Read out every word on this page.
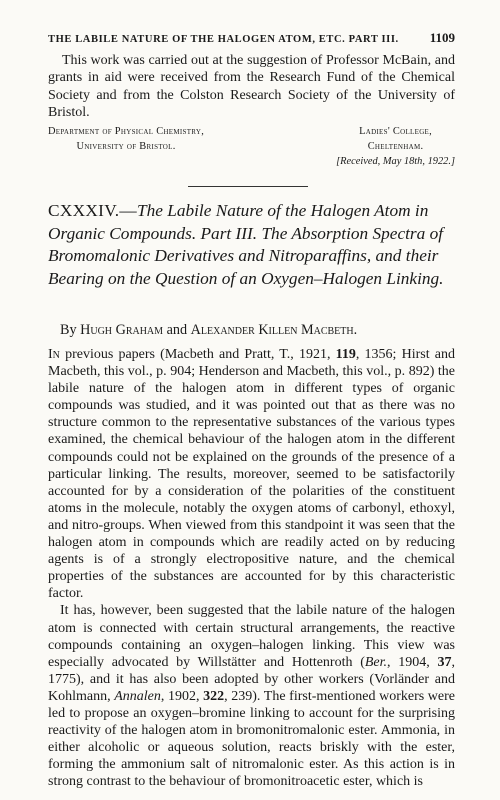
THE LABILE NATURE OF THE HALOGEN ATOM, ETC. PART III. 1109

This work was carried out at the suggestion of Professor McBain, and grants in aid were received from the Research Fund of the Chemical Society and from the Colston Research Society of the University of Bristol.

Department of Physical Chemistry,
University of Bristol.
Ladies' College,
Cheltenham.
[Received, May 18th, 1922.]
CXXXIV.—The Labile Nature of the Halogen Atom in Organic Compounds. Part III. The Absorption Spectra of Bromomalonic Derivatives and Nitroparaffins, and their Bearing on the Question of an Oxygen–Halogen Linking.

By Hugh Graham and Alexander Killen Macbeth.

In previous papers (Macbeth and Pratt, T., 1921, 119, 1356; Hirst and Macbeth, this vol., p. 904; Henderson and Macbeth, this vol., p. 892) the labile nature of the halogen atom in different types of organic compounds was studied, and it was pointed out that as there was no structure common to the representative substances of the various types examined, the chemical behaviour of the halogen atom in the different compounds could not be explained on the grounds of the presence of a particular linking. The results, moreover, seemed to be satisfactorily accounted for by a consideration of the polarities of the constituent atoms in the molecule, notably the oxygen atoms of carbonyl, ethoxyl, and nitro-groups. When viewed from this standpoint it was seen that the halogen atom in compounds which are readily acted on by reducing agents is of a strongly electropositive nature, and the chemical properties of the substances are accounted for by this characteristic factor.

It has, however, been suggested that the labile nature of the halogen atom is connected with certain structural arrangements, the reactive compounds containing an oxygen–halogen linking. This view was especially advocated by Willstätter and Hottenroth (Ber., 1904, 37, 1775), and it has also been adopted by other workers (Vorländer and Kohlmann, Annalen, 1902, 322, 239). The first-mentioned workers were led to propose an oxygen–bromine linking to account for the surprising reactivity of the halogen atom in bromonitromalonic ester. Ammonia, in either alcoholic or aqueous solution, reacts briskly with the ester, forming the ammonium salt of nitromalonic ester. As this action is in strong contrast to the behaviour of bromonitroacetic ester, which is
